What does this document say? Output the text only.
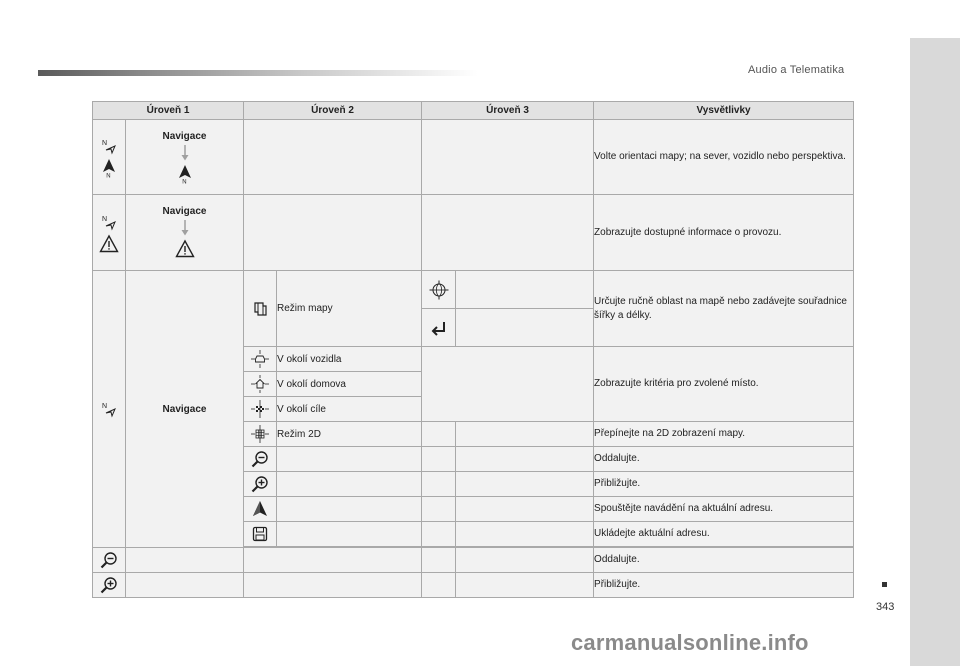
Audio a Telematika
343
carmanualsonline.info
Úroveň 1		Úroveň 2		Úroveň 3		Vysvětlivky

Navigace					Volte orientaci mapy; na sever, vozidlo nebo perspektiva.

Navigace					Zobrazujte dostupné informace o provozu.

Navigace		Režim mapy			Určujte ručně oblast na mapě nebo zadávejte souřadnice šířky a délky.

	V okolí vozidla			Zobrazujte kritéria pro zvolené místo.

	V okolí domova			

	V okolí cíle			

	Režim 2D			Přepínejte na 2D zobrazení mapy.

				Oddalujte.

				Přibližujte.

				Spouštějte navádění na aktuální adresu.

				Ukládejte aktuální adresu.

					Oddalujte.

					Přibližujte.
